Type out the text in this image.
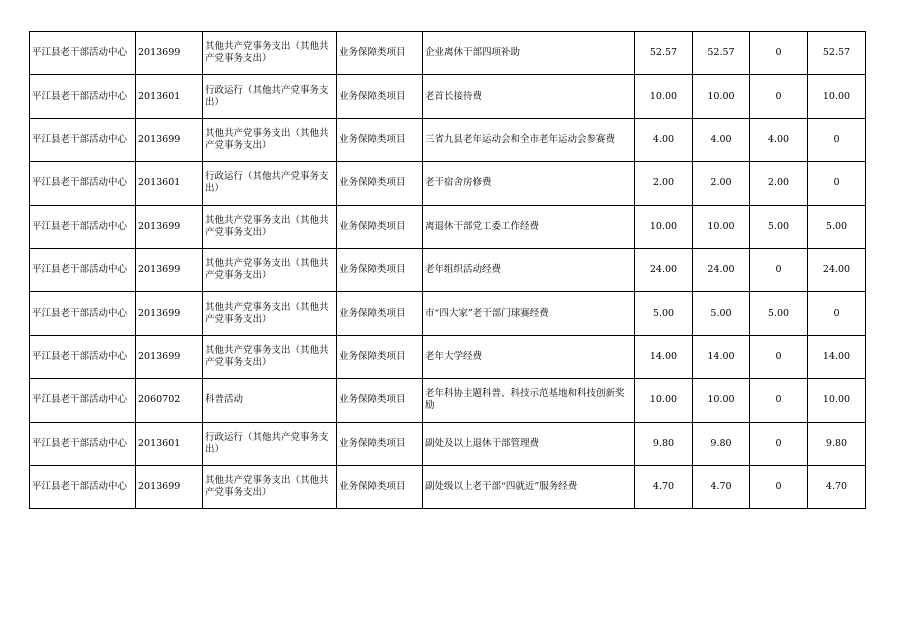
平江县老干部活动中心	2013699	其他共产党事务支出（其他共产党事务支出）	业务保障类项目	企业离休干部四项补助	52.57	52.57	0	52.57
平江县老干部活动中心	2013601	行政运行（其他共产党事务支出）	业务保障类项目	老首长接待费	10.00	10.00	0	10.00
平江县老干部活动中心	2013699	其他共产党事务支出（其他共产党事务支出）	业务保障类项目	三省九县老年运动会和全市老年运动会参赛费	4.00	4.00	4.00	0
平江县老干部活动中心	2013601	行政运行（其他共产党事务支出）	业务保障类项目	老干宿舍房修费	2.00	2.00	2.00	0
平江县老干部活动中心	2013699	其他共产党事务支出（其他共产党事务支出）	业务保障类项目	离退休干部党工委工作经费	10.00	10.00	5.00	5.00
平江县老干部活动中心	2013699	其他共产党事务支出（其他共产党事务支出）	业务保障类项目	老年组织活动经费	24.00	24.00	0	24.00
平江县老干部活动中心	2013699	其他共产党事务支出（其他共产党事务支出）	业务保障类项目	市“四大家”老干部门球赛经费	5.00	5.00	5.00	0
平江县老干部活动中心	2013699	其他共产党事务支出（其他共产党事务支出）	业务保障类项目	老年大学经费	14.00	14.00	0	14.00
平江县老干部活动中心	2060702	科普活动	业务保障类项目	老年科协主题科普、科技示范基地和科技创新奖励	10.00	10.00	0	10.00
平江县老干部活动中心	2013601	行政运行（其他共产党事务支出）	业务保障类项目	副处及以上退休干部管理费	9.80	9.80	0	9.80
平江县老干部活动中心	2013699	其他共产党事务支出（其他共产党事务支出）	业务保障类项目	副处级以上老干部“四就近”服务经费	4.70	4.70	0	4.70
